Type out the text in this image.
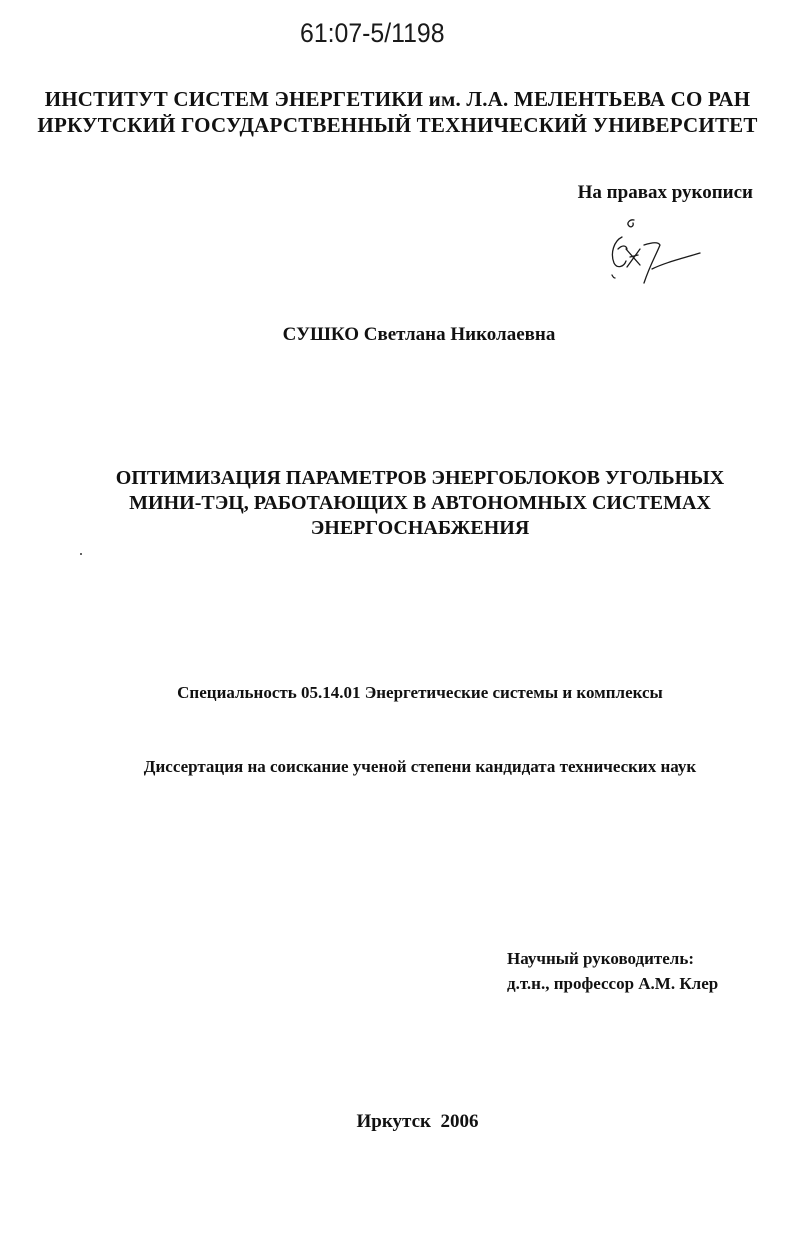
61:07-5/1198
ИНСТИТУТ СИСТЕМ ЭНЕРГЕТИКИ им. Л.А. МЕЛЕНТЬЕВА СО РАН
ИРКУТСКИЙ ГОСУДАРСТВЕННЫЙ ТЕХНИЧЕСКИЙ УНИВЕРСИТЕТ
На правах рукописи
СУШКО Светлана Николаевна
ОПТИМИЗАЦИЯ ПАРАМЕТРОВ ЭНЕРГОБЛОКОВ УГОЛЬНЫХ
МИНИ-ТЭЦ, РАБОТАЮЩИХ В АВТОНОМНЫХ СИСТЕМАХ
ЭНЕРГОСНАБЖЕНИЯ
Специальность 05.14.01 Энергетические системы и комплексы
Диссертация на соискание ученой степени кандидата технических наук
Научный руководитель:
д.т.н., профессор А.М. Клер
Иркутск  2006
